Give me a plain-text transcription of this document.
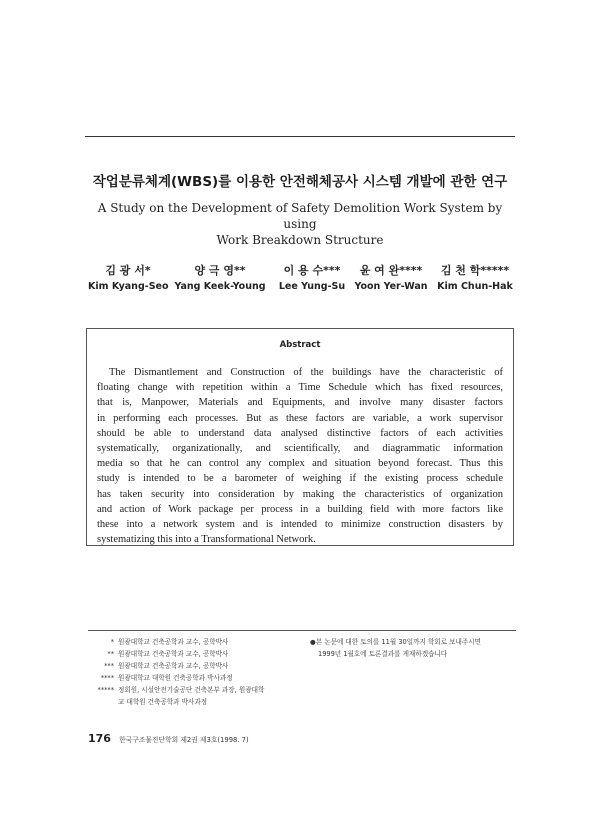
작업분류체계(WBS)를 이용한 안전해체공사 시스템 개발에 관한 연구
A Study on the Development of Safety Demolition Work System by using
Work Breakdown Structure
김 광 서*
Kim Kyang-Seo
양 극 영**
Yang Keek-Young
이 용 수***
Lee Yung-Su
윤 여 완****
Yoon Yer-Wan
김 천 학*****
Kim Chun-Hak
Abstract
The Dismantlement and Construction of the buildings have the characteristic of
floating change with repetition within a Time Schedule which has fixed resources,
that is, Manpower, Materials and Equipments, and involve many disaster factors
in performing each processes. But as these factors are variable, a work supervisor
should be able to understand data analysed distinctive factors of each activities
systematically, organizationally, and scientifically, and diagrammatic information
media so that he can control any complex and situation beyond forecast. Thus this
study is intended to be a barometer of weighing if the existing process schedule
has taken security into consideration by making the characteristics of organization
and action of Work package per process in a building field with more factors like
these into a network system and is intended to minimize construction disasters by
systematizing this into a Transformational Network.
* 원광대학교 건축공학과 교수, 공학박사
** 원광대학교 건축공학과 교수, 공학박사
*** 원광대학교 건축공학과 교수, 공학박사
**** 원광대학교 대학원 건축공학과 박사과정
***** 정회원, 시설안전기술공단 건축본부 과장, 원광대학
교 대학원 건축공학과 박사과정
●본 논문에 대한 토의를 11월 30일까지 학회로 보내주시면
1999년 1월호에 토론결과를 게재하겠습니다
176 한국구조물진단학회 제2권 제3호(1998. 7)
